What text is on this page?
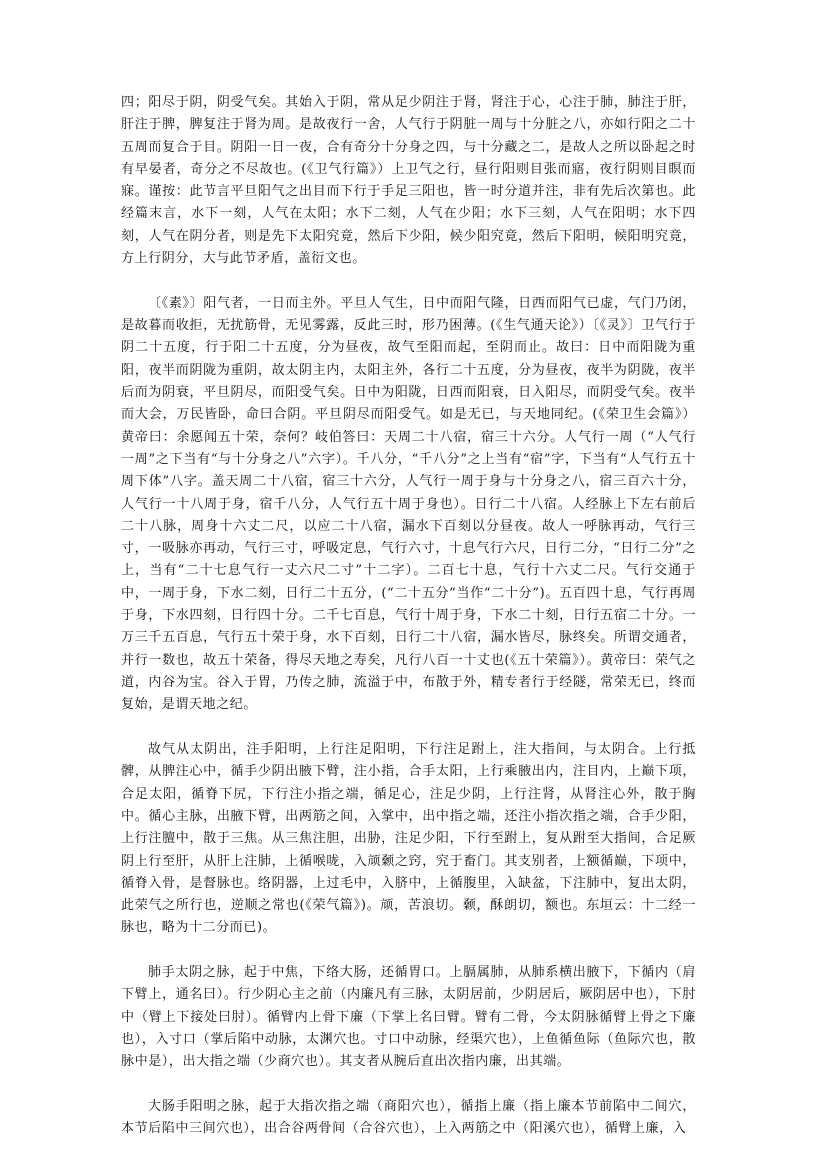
四；阳尽于阴，阴受气矣。其始入于阴，常从足少阴注于肾，肾注于心，心注于肺，肺注于肝，肝注于脾，脾复注于肾为周。是故夜行一舍，人气行于阴脏一周与十分脏之八，亦如行阳之二十五周而复合于目。阴阳一日一夜，合有奇分十分身之四，与十分藏之二，是故人之所以卧起之时有早晏者，奇分之不尽故也。(《卫气行篇》）上卫气之行，昼行阳则目张而寤，夜行阴则目瞑而寐。谨按：此节言平旦阳气之出目而下行于手足三阳也，皆一时分道并注，非有先后次第也。此经篇末言，水下一刻，人气在太阳；水下二刻，人气在少阳；水下三刻，人气在阳明；水下四刻，人气在阴分者，则是先下太阳究竟，然后下少阳，候少阳究竟，然后下阳明，候阳明究竟，方上行阴分，大与此节矛盾，盖衍文也。

〔《素》〕阳气者，一日而主外。平旦人气生，日中而阳气隆，日西而阳气已虚，气门乃闭，是故暮而收拒，无扰筋骨，无见雾露，反此三时，形乃困薄。(《生气通天论》）〔《灵》〕卫气行于阴二十五度，行于阳二十五度，分为昼夜，故气至阳而起，至阴而止。故曰：日中而阳陇为重阳，夜半而阴陇为重阴，故太阴主内，太阳主外，各行二十五度，分为昼夜，夜半为阴陇，夜半后而为阴衰，平旦阴尽，而阳受气矣。日中为阳陇，日西而阳衰，日入阳尽，而阴受气矣。夜半而大会，万民皆卧，命曰合阴。平旦阴尽而阳受气。如是无已，与天地同纪。(《荣卫生会篇》）黄帝曰：余愿闻五十荣，奈何？岐伯答曰：天周二十八宿，宿三十六分。人气行一周（“人气行一周”之下当有“与十分身之八”六字）。千八分，“千八分”之上当有“宿”字，下当有“人气行五十周下体”八字。盖天周二十八宿，宿三十六分，人气行一周于身与十分身之八，宿三百六十分，人气行一十八周于身，宿千八分，人气行五十周于身也）。日行二十八宿。人经脉上下左右前后二十八脉，周身十六丈二尺，以应二十八宿，漏水下百刻以分昼夜。故人一呼脉再动，气行三寸，一吸脉亦再动，气行三寸，呼吸定息，气行六寸，十息气行六尺，日行二分，“日行二分”之上，当有“二十七息气行一丈六尺二寸”十二字）。二百七十息，气行十六丈二尺。气行交通于中，一周于身，下水二刻，日行二十五分，(“二十五分”当作“二十分”)。五百四十息，气行再周于身，下水四刻，日行四十分。二千七百息，气行十周于身，下水二十刻，日行五宿二十分。一万三千五百息，气行五十荣于身，水下百刻，日行二十八宿，漏水皆尽，脉终矣。所谓交通者，并行一数也，故五十荣备，得尽天地之寿矣，凡行八百一十丈也(《五十荣篇》）。黄帝曰：荣气之道，内谷为宝。谷入于胃，乃传之肺，流溢于中，布散于外，精专者行于经隧，常荣无已，终而复始，是谓天地之纪。

故气从太阴出，注手阳明，上行注足阳明，下行注足跗上，注大指间，与太阴合。上行抵髀，从脾注心中，循手少阴出腋下臂，注小指，合手太阳，上行乘腋出内，注目内，上巅下项，合足太阳，循脊下尻，下行注小指之端，循足心，注足少阴，上行注肾，从肾注心外，散于胸中。循心主脉，出腋下臂，出两筋之间，入掌中，出中指之端，还注小指次指之端，合手少阳，上行注膻中，散于三焦。从三焦注胆，出胁，注足少阳，下行至跗上，复从跗至大指间，合足厥阴上行至肝，从肝上注肺，上循喉咙，入颃颡之窍，究于畜门。其支别者，上额循巅，下项中，循脊入骨，是督脉也。络阴器，上过毛中，入脐中，上循腹里，入缺盆，下注肺中，复出太阴，此荣气之所行也，逆顺之常也(《荣气篇》)。颃，苦浪切。颡，酥朗切，额也。东垣云：十二经一脉也，略为十二分而已)。

肺手太阴之脉，起于中焦，下络大肠，还循胃口。上膈属肺，从肺系横出腋下，下循内（肩下臂上，通名曰）。行少阴心主之前（内廉凡有三脉，太阴居前，少阴居后，厥阴居中也），下肘中（臂上下接处曰肘）。循臂内上骨下廉（下掌上名曰臂。臂有二骨，今太阴脉循臂上骨之下廉也），入寸口（掌后陷中动脉，太渊穴也。寸口中动脉，经渠穴也），上鱼循鱼际（鱼际穴也，散脉中是），出大指之端（少商穴也）。其支者从腕后直出次指内廉，出其端。

大肠手阳明之脉，起于大指次指之端（商阳穴也），循指上廉（指上廉本节前陷中二间穴，本节后陷中三间穴也），出合谷两骨间（合谷穴也），上入两筋之中（阳溪穴也），循臂上廉，入
